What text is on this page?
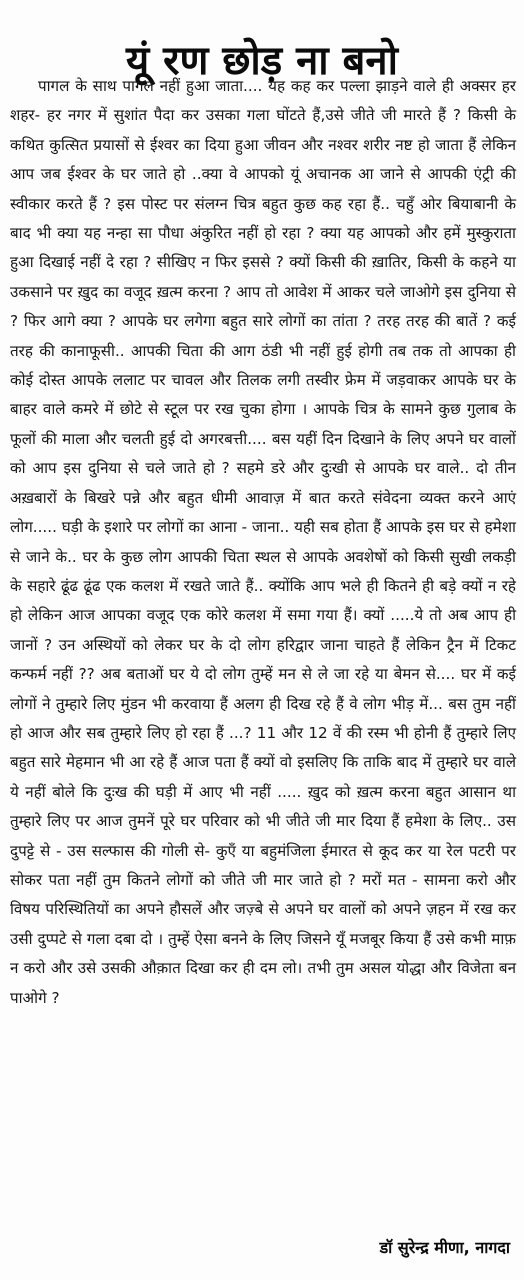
यूं रण छोड़ ना बनो

पागल के साथ पागल नहीं हुआ जाता.... यह कह कर पल्ला झाड़ने वाले ही अक्सर हर शहर- हर नगर में सुशांत पैदा कर उसका गला घोंटते हैं,उसे जीते जी मारते हैं ? किसी के कथित कुत्सित प्रयासों से ईश्वर का दिया हुआ जीवन और नश्वर शरीर नष्ट हो जाता हैं लेकिन आप जब ईश्वर के घर जाते हो ..क्या वे आपको यूं अचानक आ जाने से आपकी एंट्री की स्वीकार करते हैं ? इस पोस्ट पर संलग्न चित्र बहुत कुछ कह रहा हैं.. चहुँ ओर बियाबानी के बाद भी क्या यह नन्हा सा पौधा अंकुरित नहीं हो रहा ? क्या यह आपको और हमें मुस्कुराता हुआ दिखाई नहीं दे रहा ? सीखिए न फिर इससे ? क्यों किसी की ख़ातिर, किसी के कहने या उकसाने पर ख़ुद का वजूद ख़त्म करना ? आप तो आवेश में आकर चले जाओगे इस दुनिया से ? फिर आगे क्या ? आपके घर लगेगा बहुत सारे लोगों का तांता ? तरह तरह की बातें ? कई तरह की कानाफूसी.. आपकी चिता की आग ठंडी भी नहीं हुई होगी तब तक तो आपका ही कोई दोस्त आपके ललाट पर चावल और तिलक लगी तस्वीर फ्रेम में जड़वाकर आपके घर के बाहर वाले कमरे में छोटे से स्टूल पर रख चुका होगा । आपके चित्र के सामने कुछ गुलाब के फूलों की माला और चलती हुई दो अगरबत्ती.... बस यहीं दिन दिखाने के लिए अपने घर वालों को आप इस दुनिया से चले जाते हो ? सहमे डरे और दुःखी से आपके घर वाले.. दो तीन अख़बारों के बिखरे पन्ने और बहुत धीमी आवाज़ में बात करते संवेदना व्यक्त करने आएं लोग..... घड़ी के इशारे पर लोगों का आना - जाना.. यही सब होता हैं आपके इस घर से हमेशा से जाने के.. घर के कुछ लोग आपकी चिता स्थल से आपके अवशेषों को किसी सुखी लकड़ी के सहारे ढूंढ ढूंढ एक कलश में रखते जाते हैं.. क्योंकि आप भले ही कितने ही बड़े क्यों न रहे हो लेकिन आज आपका वजूद एक कोरे कलश में समा गया हैं। क्यों .....ये तो अब आप ही जानों ? उन अस्थियों को लेकर घर के दो लोग हरिद्वार जाना चाहते हैं लेकिन ट्रैन में टिकट कन्फर्म नहीं ?? अब बताओं घर ये दो लोग तुम्हें मन से ले जा रहे या बेमन से.... घर में कई लोगों ने तुम्हारे लिए मुंडन भी करवाया हैं अलग ही दिख रहे हैं वे लोग भीड़ में... बस तुम नहीं हो आज और सब तुम्हारे लिए हो रहा हैं ...? 11 और 12 वें की रस्म भी होनी हैं तुम्हारे लिए बहुत सारे मेहमान भी आ रहे हैं आज पता हैं क्यों वो इसलिए कि ताकि बाद में तुम्हारे घर वाले ये नहीं बोले कि दुःख की घड़ी में आए भी नहीं ..... ख़ुद को ख़त्म करना बहुत आसान था तुम्हारे लिए पर आज तुमनें पूरे घर परिवार को भी जीते जी मार दिया हैं हमेशा के लिए.. उस दुपट्टे से - उस सल्फास की गोली से- कुएँ या बहुमंजिला ईमारत से कूद कर या रेल पटरी पर सोकर पता नहीं तुम कितने लोगों को जीते जी मार जाते हो ? मरों मत - सामना करो और विषय परिस्थितियों का अपने हौसलें और जज़्बे से अपने घर वालों को अपने ज़हन में रख कर उसी दुप्पटे से गला दबा दो । तुम्हें ऐसा बनने के लिए जिसने यूँ मजबूर किया हैं उसे कभी माफ़ न करो और उसे उसकी औक़ात दिखा कर ही दम लो। तभी तुम असल योद्धा और विजेता बन पाओगे ?

डॉ सुरेन्द्र मीणा, नागदा
